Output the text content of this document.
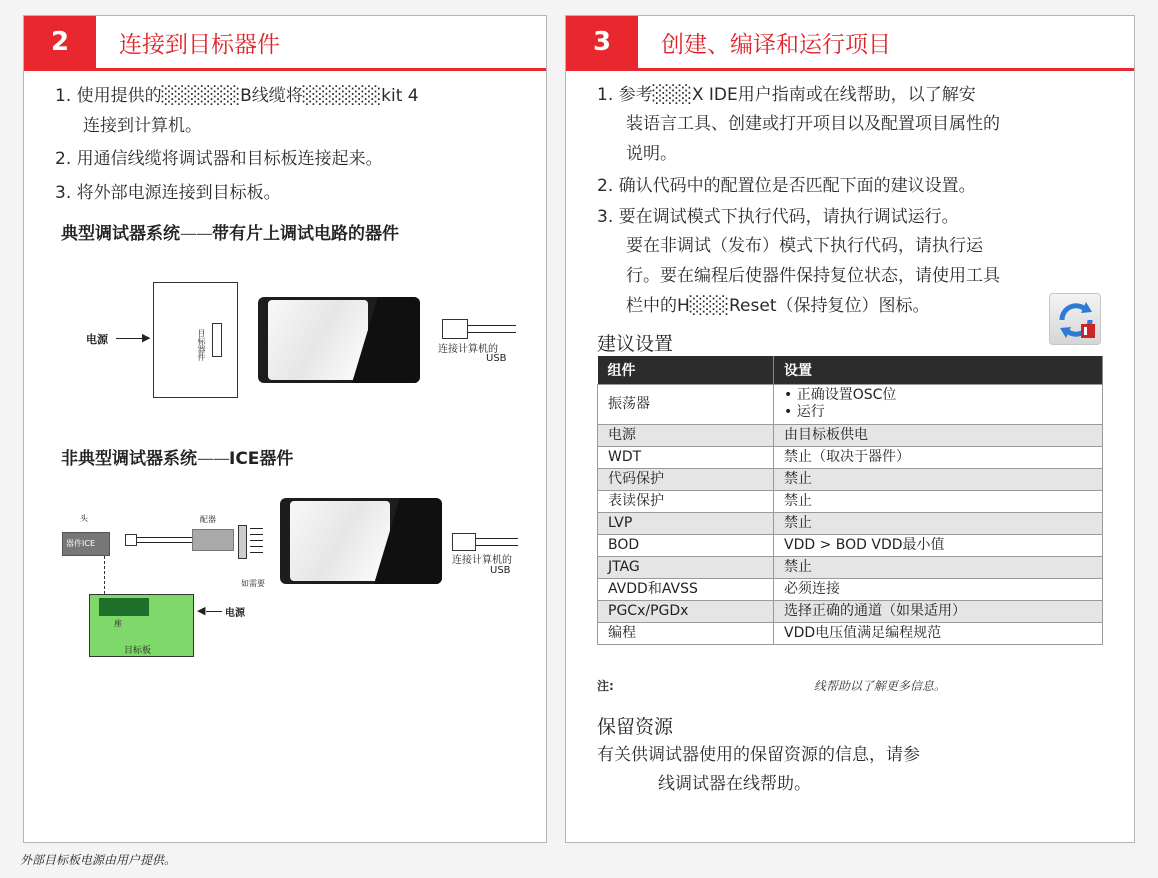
2	连接到目标器件
1. 使用提供的░░░░░░B线缆将░░░░░░kit 4
连接到计算机。
2. 用通信线缆将调试器和目标板连接起来。
3. 将外部电源连接到目标板。
典型调试器系统——带有片上调试电路的器件
电源	▶	目标器件	连接计算机的
USB
非典型调试器系统——ICE器件
头
器件ICE
配器
如需要
连接计算机的
USB
座
目标板
◀ 电源
3	创建、编译和运行项目
1. 参考░░░X IDE用户指南或在线帮助，以了解安
装语言工具、创建或打开项目以及配置项目属性的
说明。
2. 确认代码中的配置位是否匹配下面的建议设置。
3. 要在调试模式下执行代码，请执行调试运行。
要在非调试（发布）模式下执行代码，请执行运
行。要在编程后使器件保持复位状态，请使用工具
栏中的H░░░Reset（保持复位）图标。
建议设置
组件	设置
振荡器	• 正确设置OSC位
• 运行

电源	由目标板供电
WDT	禁止（取决于器件）
代码保护	禁止
表读保护	禁止
LVP	禁止
BOD	VDD > BOD VDD最小值
JTAG	禁止
AVDD和AVSS	必须连接
PGCx/PGDx	选择正确的通道（如果适用）
编程	VDD电压值满足编程规范
注:	线帮助以了解更多信息。
保留资源
有关供调试器使用的保留资源的信息，请参
线调试器在线帮助。
外部目标板电源由用户提供。
